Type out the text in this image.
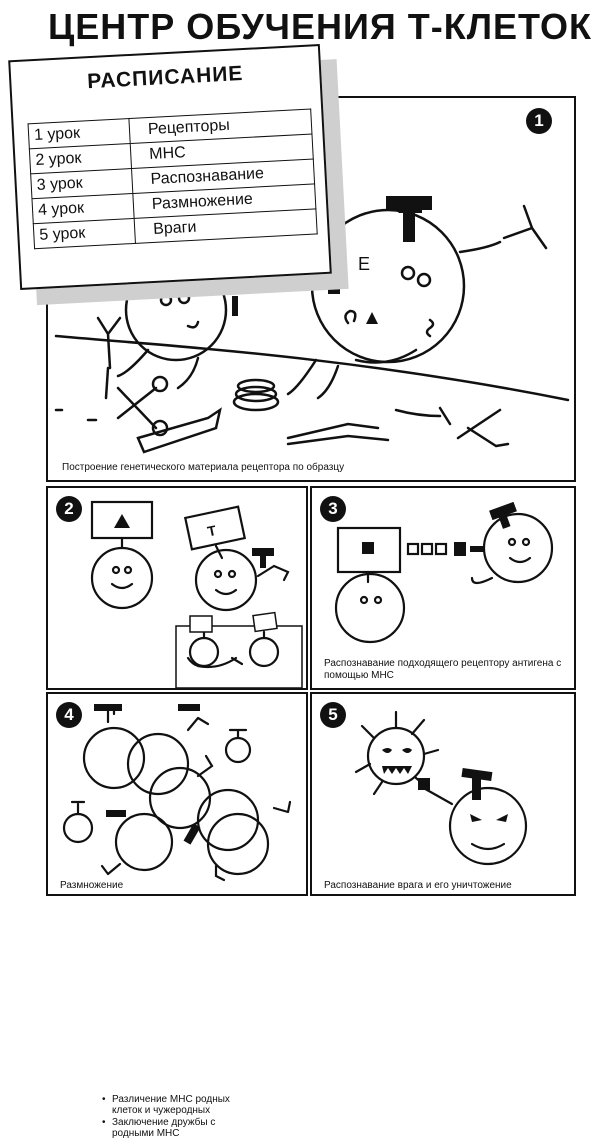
ЦЕНТР ОБУЧЕНИЯ Т-КЛЕТОК
1
T
E
Построение генетического материала рецептора по образцу
РАСПИСАНИЕ
1 урок	Рецепторы
2 урок	МНС
3 урок	Распознавание
4 урок	Размножение
5 урок	Враги
2
T
• Различение МНС родных клеток и чужеродных
• Заключение дружбы с родными МНС
3
Распознавание подходящего рецептору антигена с помощью МНС
4
Размножение
5
Распознавание врага и его уничтожение
